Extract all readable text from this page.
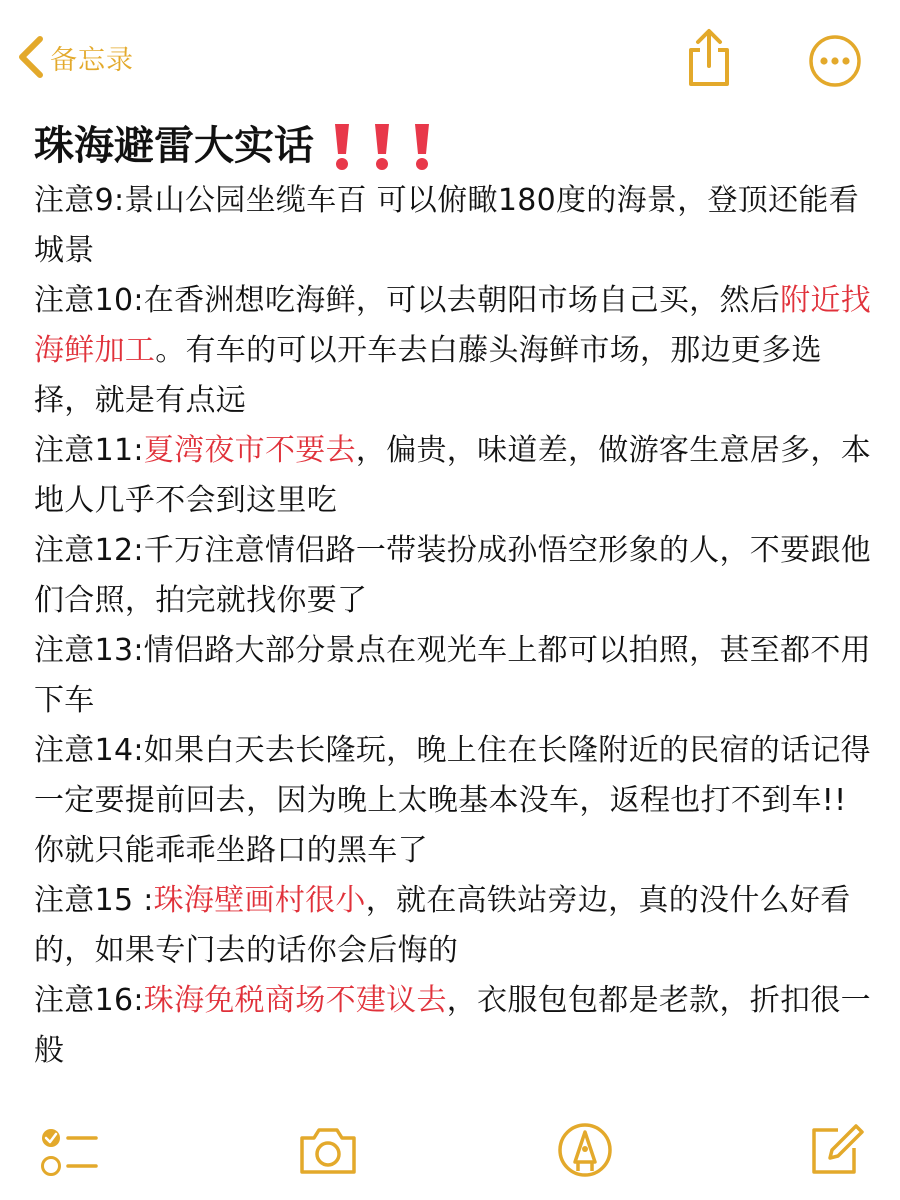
备忘录
珠海避雷大实话
注意9:景山公园坐缆车百 可以俯瞰180度的海景，登顶还能看城景
注意10:在香洲想吃海鲜，可以去朝阳市场自己买，然后附近找海鲜加工。有车的可以开车去白藤头海鲜市场，那边更多选择，就是有点远
注意11:夏湾夜市不要去，偏贵，味道差，做游客生意居多，本地人几乎不会到这里吃
注意12:千万注意情侣路一带装扮成孙悟空形象的人，不要跟他们合照，拍完就找你要了
注意13:情侣路大部分景点在观光车上都可以拍照，甚至都不用下车
注意14:如果白天去长隆玩，晚上住在长隆附近的民宿的话记得一定要提前回去，因为晚上太晚基本没车，返程也打不到车!!你就只能乖乖坐路口的黑车了
注意15 :珠海壁画村很小，就在高铁站旁边，真的没什么好看的，如果专门去的话你会后悔的
注意16:珠海免税商场不建议去，衣服包包都是老款，折扣很一般
